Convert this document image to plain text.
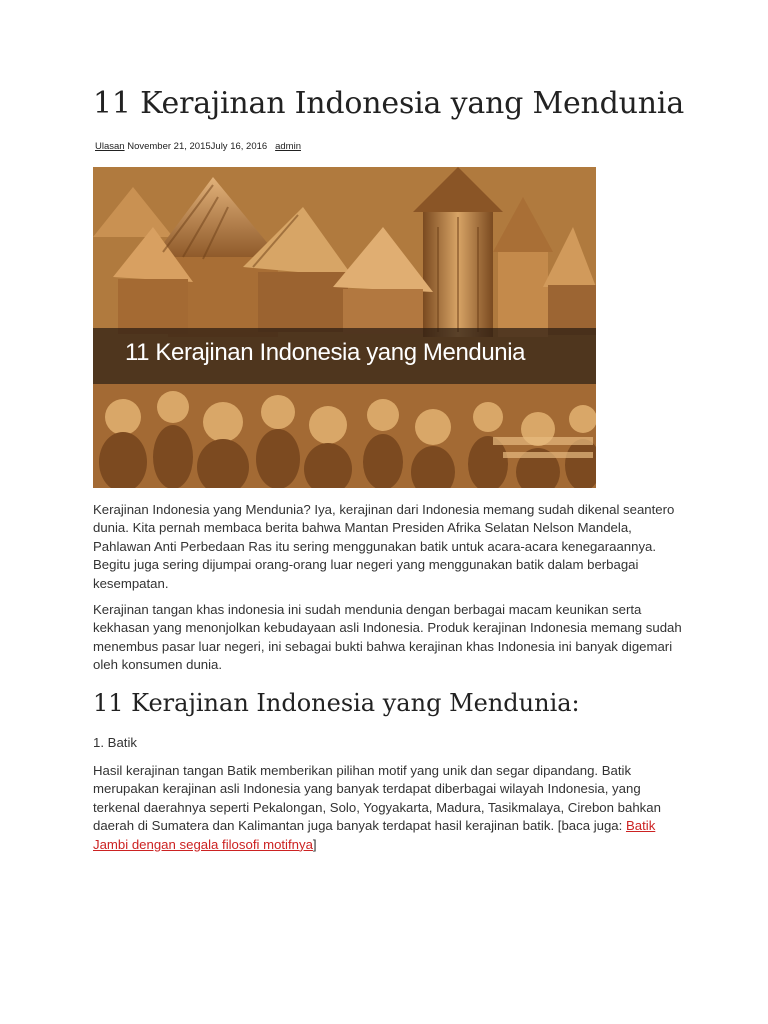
11 Kerajinan Indonesia yang Mendunia
Ulasan November 21, 2015July 16, 2016 admin
11 Kerajinan Indonesia yang Mendunia

Kerajinan Indonesia yang Mendunia? Iya, kerajinan dari Indonesia memang sudah dikenal seantero dunia. Kita pernah membaca berita bahwa Mantan Presiden Afrika Selatan Nelson Mandela, Pahlawan Anti Perbedaan Ras itu sering menggunakan batik untuk acara-acara kenegaraannya. Begitu juga sering dijumpai orang-orang luar negeri yang menggunakan batik dalam berbagai kesempatan.

Kerajinan tangan khas indonesia ini sudah mendunia dengan berbagai macam keunikan serta kekhasan yang menonjolkan kebudayaan asli Indonesia. Produk kerajinan Indonesia memang sudah menembus pasar luar negeri, ini sebagai bukti bahwa kerajinan khas Indonesia ini banyak digemari oleh konsumen dunia.

11 Kerajinan Indonesia yang Mendunia:
1. Batik

Hasil kerajinan tangan Batik memberikan pilihan motif yang unik dan segar dipandang. Batik merupakan kerajinan asli Indonesia yang banyak terdapat diberbagai wilayah Indonesia, yang terkenal daerahnya seperti Pekalongan, Solo, Yogyakarta, Madura, Tasikmalaya, Cirebon bahkan daerah di Sumatera dan Kalimantan juga banyak terdapat hasil kerajinan batik. [baca juga: Batik Jambi dengan segala filosofi motifnya]
